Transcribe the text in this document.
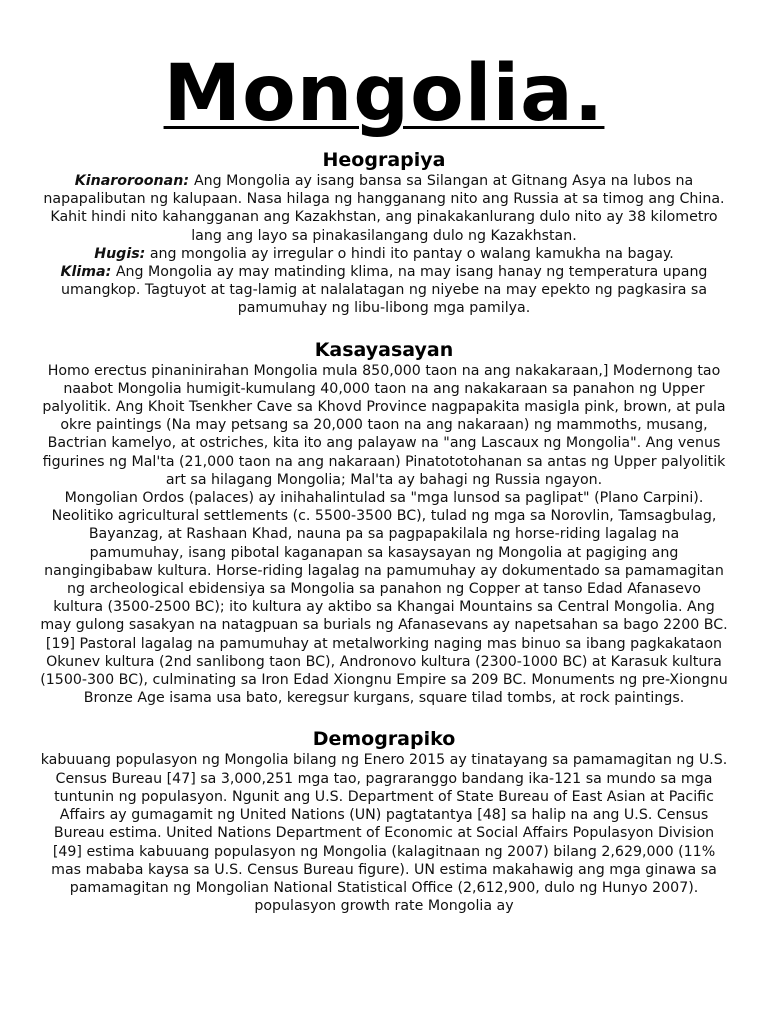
Mongolia.
Heograpiya

Kinaroroonan: Ang Mongolia ay isang bansa sa Silangan at Gitnang Asya na lubos na napapalibutan ng kalupaan. Nasa hilaga ng hangganang nito ang Russia at sa timog ang China. Kahit hindi nito kahangganan ang Kazakhstan, ang pinakakanlurang dulo nito ay 38 kilometro lang ang layo sa pinakasilangang dulo ng Kazakhstan.

Hugis: ang mongolia ay irregular o hindi ito pantay o walang kamukha na bagay.

Klima: Ang Mongolia ay may matinding klima, na may isang hanay ng temperatura upang umangkop. Tagtuyot at tag-lamig at nalalatagan ng niyebe na may epekto ng pagkasira sa pamumuhay ng libu-libong mga pamilya.

Kasayasayan

Homo erectus pinaninirahan Mongolia mula 850,000 taon na ang nakakaraan,] Modernong tao naabot Mongolia humigit-kumulang 40,000 taon na ang nakakaraan sa panahon ng Upper palyolitik. Ang Khoit Tsenkher Cave sa Khovd Province nagpapakita masigla pink, brown, at pula okre paintings (Na may petsang sa 20,000 taon na ang nakaraan) ng mammoths, musang, Bactrian kamelyo, at ostriches, kita ito ang palayaw na "ang Lascaux ng Mongolia". Ang venus figurines ng Mal'ta (21,000 taon na ang nakaraan) Pinatototohanan sa antas ng Upper palyolitik art sa hilagang Mongolia; Mal'ta ay bahagi ng Russia ngayon.

Mongolian Ordos (palaces) ay inihahalintulad sa "mga lunsod sa paglipat" (Plano Carpini).

Neolitiko agricultural settlements (c. 5500-3500 BC), tulad ng mga sa Norovlin, Tamsagbulag, Bayanzag, at Rashaan Khad, nauna pa sa pagpapakilala ng horse-riding lagalag na pamumuhay, isang pibotal kaganapan sa kasaysayan ng Mongolia at pagiging ang nangingibabaw kultura. Horse-riding lagalag na pamumuhay ay dokumentado sa pamamagitan ng archeological ebidensiya sa Mongolia sa panahon ng Copper at tanso Edad Afanasevo kultura (3500-2500 BC); ito kultura ay aktibo sa Khangai Mountains sa Central Mongolia. Ang may gulong sasakyan na natagpuan sa burials ng Afanasevans ay napetsahan sa bago 2200 BC. [19] Pastoral lagalag na pamumuhay at metalworking naging mas binuo sa ibang pagkakataon Okunev kultura (2nd sanlibong taon BC), Andronovo kultura (2300-1000 BC) at Karasuk kultura (1500-300 BC), culminating sa Iron Edad Xiongnu Empire sa 209 BC. Monuments ng pre-Xiongnu Bronze Age isama usa bato, keregsur kurgans, square tilad tombs, at rock paintings.

Demograpiko

kabuuang populasyon ng Mongolia bilang ng Enero 2015 ay tinatayang sa pamamagitan ng U.S. Census Bureau [47] sa 3,000,251 mga tao, pagraranggo bandang ika-121 sa mundo sa mga tuntunin ng populasyon. Ngunit ang U.S. Department of State Bureau of East Asian at Pacific Affairs ay gumagamit ng United Nations (UN) pagtatantya [48] sa halip na ang U.S. Census Bureau estima. United Nations Department of Economic at Social Affairs Populasyon Division [49] estima kabuuang populasyon ng Mongolia (kalagitnaan ng 2007) bilang 2,629,000 (11% mas mababa kaysa sa U.S. Census Bureau figure). UN estima makahawig ang mga ginawa sa pamamagitan ng Mongolian National Statistical Office (2,612,900, dulo ng Hunyo 2007). populasyon growth rate Mongolia ay
